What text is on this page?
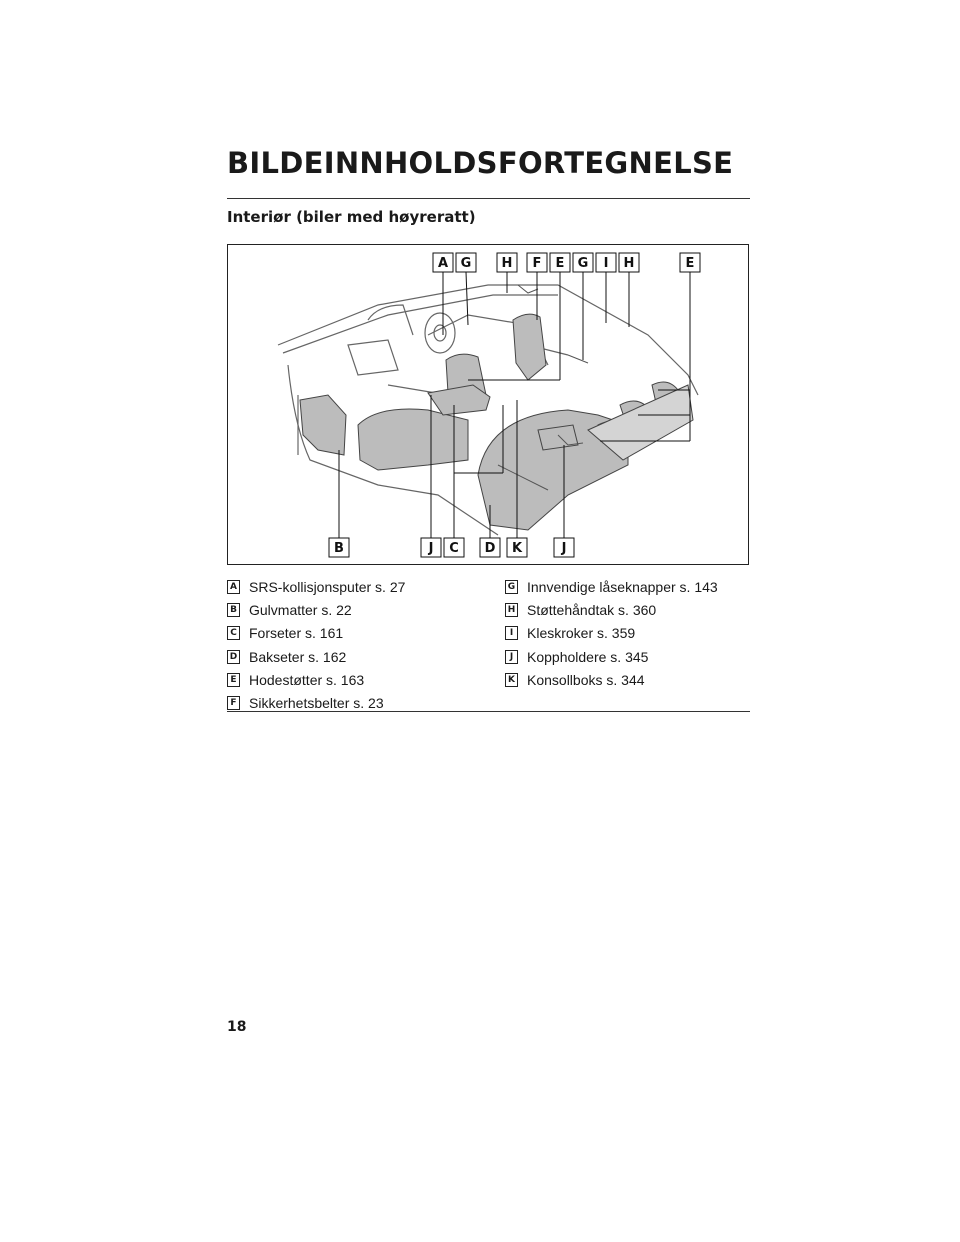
BILDEINNHOLDSFORTEGNELSE
Interiør (biler med høyreratt)
A G H F E G I H	E
B	J C D K	J
A SRS-kollisjonsputer s. 27
B Gulvmatter s. 22
C Forseter s. 161
D Bakseter s. 162
E Hodestøtter s. 163
F Sikkerhetsbelter s. 23
G Innvendige låseknapper s. 143
H Støttehåndtak s. 360
I Kleskroker s. 359
J Koppholdere s. 345
K Konsollboks s. 344
18
